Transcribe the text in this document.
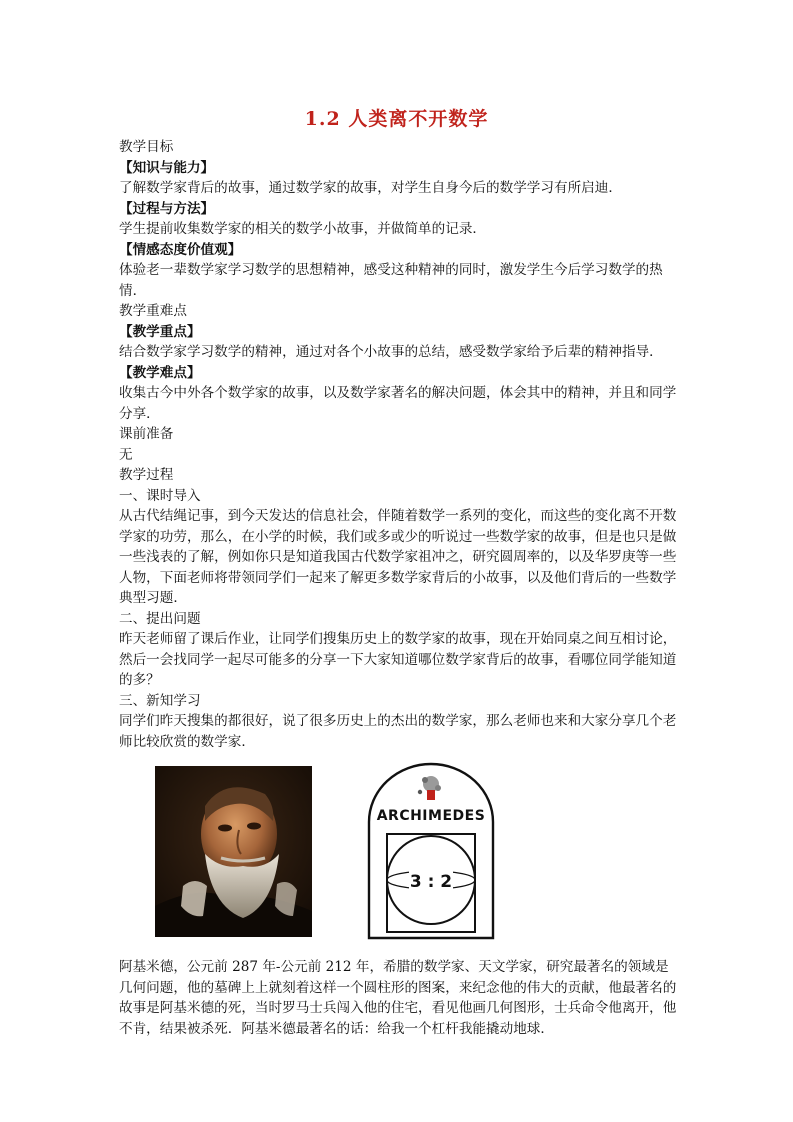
1.2 人类离不开数学

教学目标

【知识与能力】

了解数学家背后的故事，通过数学家的故事，对学生自身今后的数学学习有所启迪．

【过程与方法】

学生提前收集数学家的相关的数学小故事，并做简单的记录．

【情感态度价值观】

体验老一辈数学家学习数学的思想精神，感受这种精神的同时，激发学生今后学习数学的热情．

教学重难点

【教学重点】

结合数学家学习数学的精神，通过对各个小故事的总结，感受数学家给予后辈的精神指导．

【教学难点】

收集古今中外各个数学家的故事，以及数学家著名的解决问题，体会其中的精神，并且和同学分享．

课前准备

无

教学过程

一、课时导入

从古代结绳记事，到今天发达的信息社会，伴随着数学一系列的变化，而这些的变化离不开数学家的功劳，那么，在小学的时候，我们或多或少的听说过一些数学家的故事，但是也只是做一些浅表的了解，例如你只是知道我国古代数学家祖冲之，研究圆周率的，以及华罗庚等一些人物，下面老师将带领同学们一起来了解更多数学家背后的小故事，以及他们背后的一些数学典型习题．

二、提出问题

昨天老师留了课后作业，让同学们搜集历史上的数学家的故事，现在开始同桌之间互相讨论，然后一会找同学一起尽可能多的分享一下大家知道哪位数学家背后的故事，看哪位同学能知道的多？

三、新知学习

同学们昨天搜集的都很好，说了很多历史上的杰出的数学家，那么老师也来和大家分享几个老师比较欣赏的数学家．

ARCHIMEDES
3 : 2

阿基米德，公元前 287 年-公元前 212 年，希腊的数学家、天文学家，研究最著名的领域是几何问题，他的墓碑上上就刻着这样一个圆柱形的图案，来纪念他的伟大的贡献，他最著名的故事是阿基米德的死，当时罗马士兵闯入他的住宅，看见他画几何图形，士兵命令他离开，他不肯，结果被杀死．阿基米德最著名的话：给我一个杠杆我能撬动地球．
